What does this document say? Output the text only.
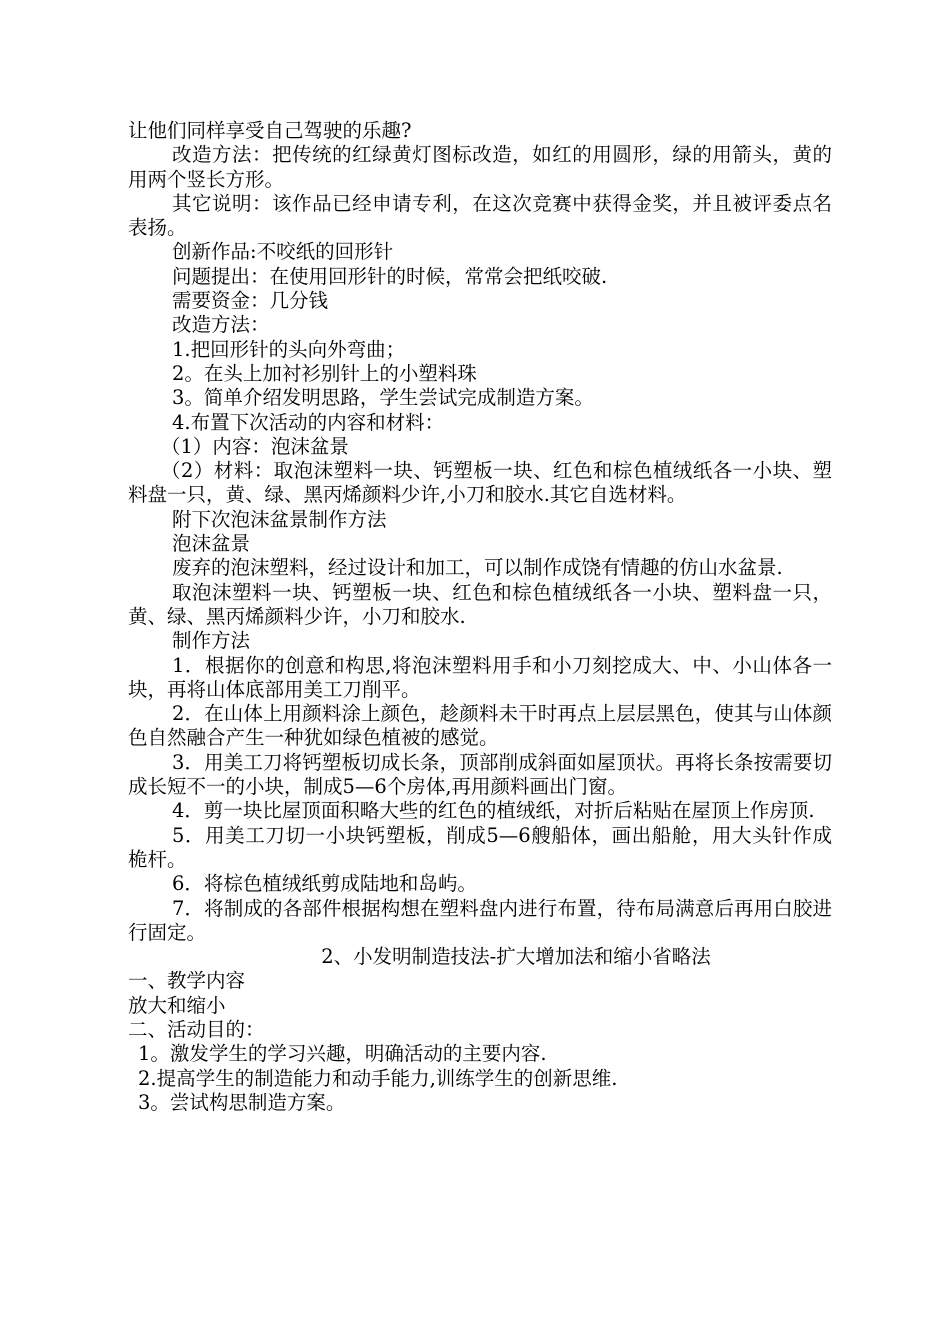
让他们同样享受自己驾驶的乐趣?

改造方法：把传统的红绿黄灯图标改造，如红的用圆形，绿的用箭头，黄的用两个竖长方形。

其它说明：该作品已经申请专利，在这次竞赛中获得金奖，并且被评委点名表扬。

创新作品:不咬纸的回形针

问题提出：在使用回形针的时候，常常会把纸咬破.

需要资金：几分钱

改造方法：

1.把回形针的头向外弯曲；

2。在头上加衬衫别针上的小塑料珠

3。简单介绍发明思路，学生尝试完成制造方案。

4.布置下次活动的内容和材料：

（1）内容：泡沫盆景

（2）材料：取泡沫塑料一块、钙塑板一块、红色和棕色植绒纸各一小块、塑料盘一只，黄、绿、黑丙烯颜料少许,小刀和胶水.其它自选材料。

附下次泡沫盆景制作方法

泡沫盆景

废弃的泡沫塑料，经过设计和加工，可以制作成饶有情趣的仿山水盆景.

取泡沫塑料一块、钙塑板一块、红色和棕色植绒纸各一小块、塑料盘一只，黄、绿、黑丙烯颜料少许，小刀和胶水.

制作方法

1．根据你的创意和构思,将泡沫塑料用手和小刀刻挖成大、中、小山体各一块，再将山体底部用美工刀削平。

2．在山体上用颜料涂上颜色，趁颜料未干时再点上层层黑色，使其与山体颜色自然融合产生一种犹如绿色植被的感觉。

3．用美工刀将钙塑板切成长条，顶部削成斜面如屋顶状。再将长条按需要切成长短不一的小块，制成5—6个房体,再用颜料画出门窗。

4．剪一块比屋顶面积略大些的红色的植绒纸，对折后粘贴在屋顶上作房顶.

5．用美工刀切一小块钙塑板，削成5—6艘船体，画出船舱，用大头针作成桅杆。

6．将棕色植绒纸剪成陆地和岛屿。

7．将制成的各部件根据构想在塑料盘内进行布置，待布局满意后再用白胶进行固定。

2、小发明制造技法-扩大增加法和缩小省略法

一、教学内容

放大和缩小

二、活动目的：

1。激发学生的学习兴趣，明确活动的主要内容.

2.提高学生的制造能力和动手能力,训练学生的创新思维.

3。尝试构思制造方案。
